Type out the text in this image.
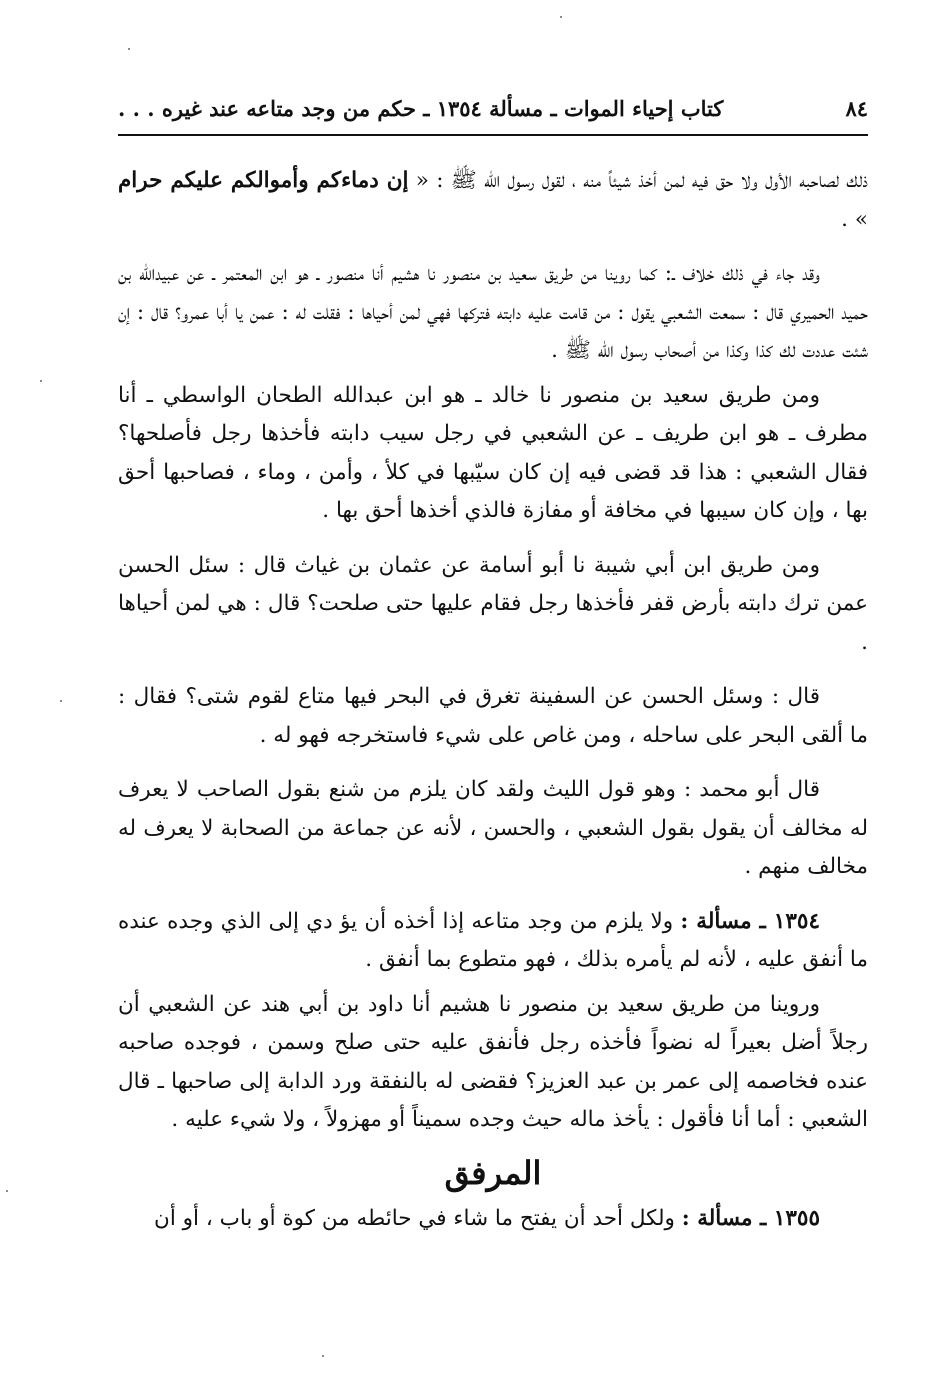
٨٤
كتاب إحياء الموات ـ مسألة ١٣٥٤ ـ حكم من وجد متاعه عند غيره . . .

ذلك لصاحبه الأول ولا حق فيه لمن أخذ شيئاً منه ، لقول رسول الله ﷺ : « إن دماءكم وأموالكم عليكم حرام » .

وقد جاء في ذلك خلاف ـ: كما روينا من طريق سعيد بن منصور نا هشيم أنا منصور ـ هو ابن المعتمر ـ عن عبيدالله بن حميد الحميري قال : سمعت الشعبي يقول : من قامت عليه دابته فتركها فهي لمن أحياها : فقلت له : عمن يا أبا عمرو؟ قال : إن شئت عددت لك كذا وكذا من أصحاب رسول الله ﷺ .

ومن طريق سعيد بن منصور نا خالد ـ هو ابن عبدالله الطحان الواسطي ـ أنا مطرف ـ هو ابن طريف ـ عن الشعبي في رجل سيب دابته فأخذها رجل فأصلحها؟ فقال الشعبي : هذا قد قضى فيه إن كان سيّبها في كلأ ، وأمن ، وماء ، فصاحبها أحق بها ، وإن كان سيبها في مخافة أو مفازة فالذي أخذها أحق بها .

ومن طريق ابن أبي شيبة نا أبو أسامة عن عثمان بن غياث قال : سئل الحسن عمن ترك دابته بأرض قفر فأخذها رجل فقام عليها حتى صلحت؟ قال : هي لمن أحياها .

قال : وسئل الحسن عن السفينة تغرق في البحر فيها متاع لقوم شتى؟ فقال : ما ألقى البحر على ساحله ، ومن غاص على شيء فاستخرجه فهو له .

قال أبو محمد : وهو قول الليث ولقد كان يلزم من شنع بقول الصاحب لا يعرف له مخالف أن يقول بقول الشعبي ، والحسن ، لأنه عن جماعة من الصحابة لا يعرف له مخالف منهم .

١٣٥٤ ـ مسألة : ولا يلزم من وجد متاعه إذا أخذه أن يؤ دي إلى الذي وجده عنده ما أنفق عليه ، لأنه لم يأمره بذلك ، فهو متطوع بما أنفق .

وروينا من طريق سعيد بن منصور نا هشيم أنا داود بن أبي هند عن الشعبي أن رجلاً أضل بعيراً له نضواً فأخذه رجل فأنفق عليه حتى صلح وسمن ، فوجده صاحبه عنده فخاصمه إلى عمر بن عبد العزيز؟ فقضى له بالنفقة ورد الدابة إلى صاحبها ـ قال الشعبي : أما أنا فأقول : يأخذ ماله حيث وجده سميناً أو مهزولاً ، ولا شيء عليه .

المرفق

١٣٥٥ ـ مسألة : ولكل أحد أن يفتح ما شاء في حائطه من كوة أو باب ، أو أن
